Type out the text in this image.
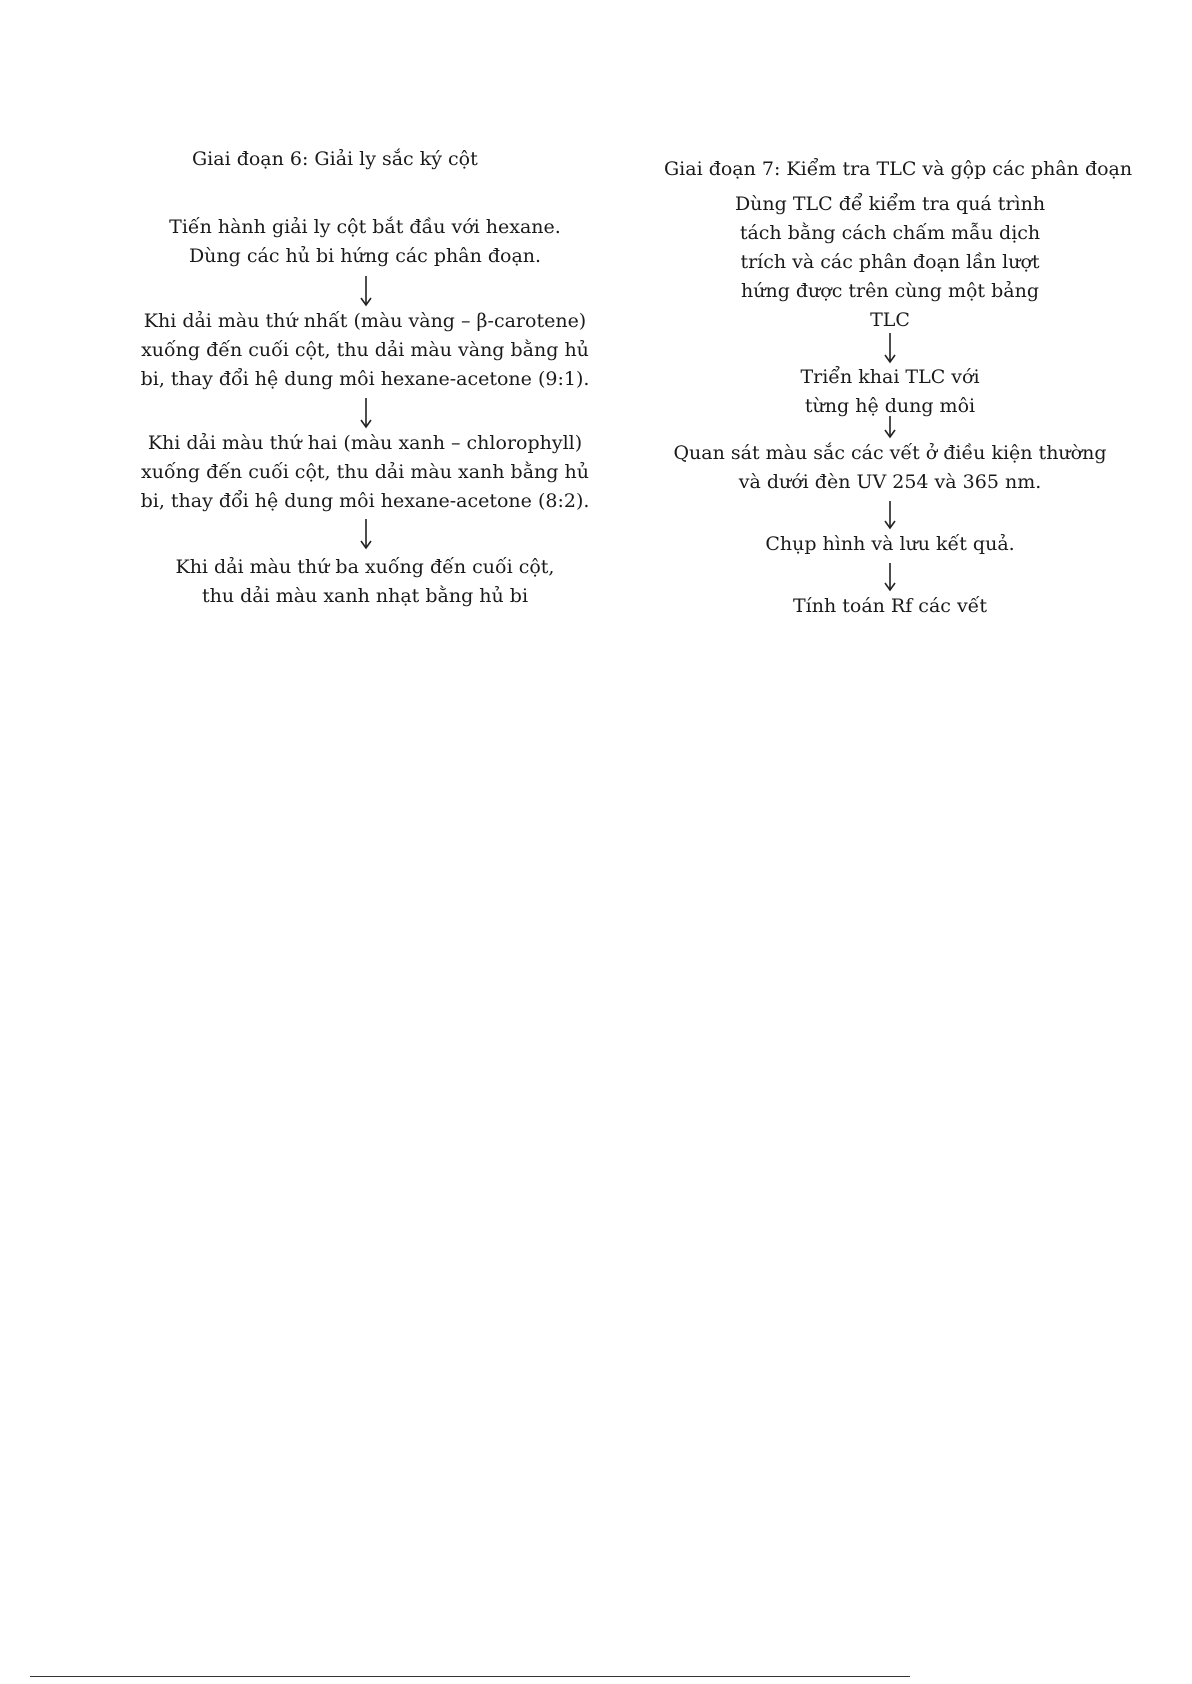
Giai đoạn 6: Giải ly sắc ký cột
Tiến hành giải ly cột bắt đầu với hexane.
Dùng các hủ bi hứng các phân đoạn.
Khi dải màu thứ nhất (màu vàng – β-carotene)
xuống đến cuối cột, thu dải màu vàng bằng hủ
bi, thay đổi hệ dung môi hexane-acetone (9:1).
Khi dải màu thứ hai (màu xanh – chlorophyll)
xuống đến cuối cột, thu dải màu xanh bằng hủ
bi, thay đổi hệ dung môi hexane-acetone (8:2).
Khi dải màu thứ ba xuống đến cuối cột,
thu dải màu xanh nhạt bằng hủ bi
Giai đoạn 7: Kiểm tra TLC và gộp các phân đoạn
Dùng TLC để kiểm tra quá trình
tách bằng cách chấm mẫu dịch
trích và các phân đoạn lần lượt
hứng được trên cùng một bảng
TLC
Triển khai TLC với
từng hệ dung môi
Quan sát màu sắc các vết ở điều kiện thường
và dưới đèn UV 254 và 365 nm.
Chụp hình và lưu kết quả.
Tính toán Rf các vết
